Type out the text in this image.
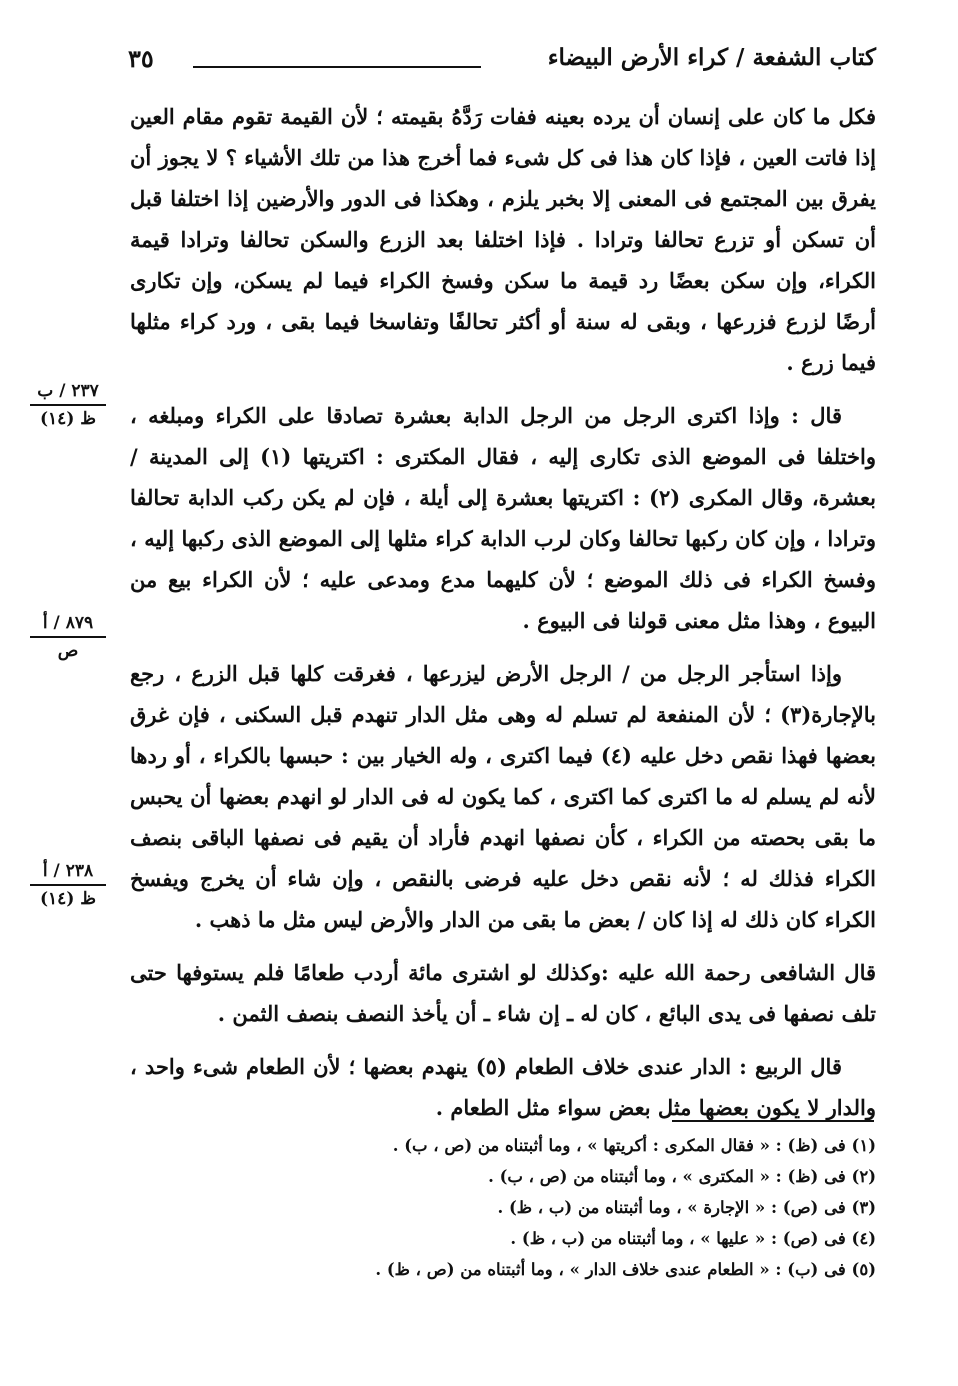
كتاب الشفعة / كراء الأرض البيضاء
٣٥

فكل ما كان على إنسان أن يرده بعينه ففات رَدَّهُ بقيمته ؛ لأن القيمة تقوم مقام العين إذا فاتت العين ، فإذا كان هذا فى كل شىء فما أخرج هذا من تلك الأشياء ؟ لا يجوز أن يفرق بين المجتمع فى المعنى إلا بخبر يلزم ، وهكذا فى الدور والأرضين إذا اختلفا قبل أن تسكن أو تزرع تحالفا وترادا . فإذا اختلفا بعد الزرع والسكن تحالفا وترادا قيمة الكراء، وإن سكن بعضًا رد قيمة ما سكن وفسخ الكراء فيما لم يسكن، وإن تكارى أرضًا لزرع فزرعها ، وبقى له سنة أو أكثر تحالفًا وتفاسخا فيما بقى ، ورد كراء مثلها فيما زرع .

قال : وإذا اكترى الرجل من الرجل الدابة بعشرة تصادقا على الكراء ومبلغه ، واختلفا فى الموضع الذى تكارى إليه ، فقال المكترى : اكتريتها (١) إلى المدينة / بعشرة، وقال المكرى (٢) : اكتريتها بعشرة إلى أيلة ، فإن لم يكن ركب الدابة تحالفا وترادا ، وإن كان ركبها تحالفا وكان لرب الدابة كراء مثلها إلى الموضع الذى ركبها إليه ، وفسخ الكراء فى ذلك الموضع ؛ لأن كليهما مدع ومدعى عليه ؛ لأن الكراء بيع من البيوع ، وهذا مثل معنى قولنا فى البيوع .

وإذا استأجر الرجل من / الرجل الأرض ليزرعها ، فغرقت كلها قبل الزرع ، رجع بالإجارة(٣) ؛ لأن المنفعة لم تسلم له وهى مثل الدار تنهدم قبل السكنى ، فإن غرق بعضها فهذا نقص دخل عليه (٤) فيما اكترى ، وله الخيار بين : حبسها بالكراء ، أو ردها لأنه لم يسلم له ما اكترى كما اكترى ، كما يكون له فى الدار لو انهدم بعضها أن يحبس ما بقى بحصته من الكراء ، كأن نصفها انهدم فأراد أن يقيم فى نصفها الباقى بنصف الكراء فذلك له ؛ لأنه نقص دخل عليه فرضى بالنقص ، وإن شاء أن يخرج ويفسخ الكراء كان ذلك له إذا كان / بعض ما بقى من الدار والأرض ليس مثل ما ذهب .

قال الشافعى رحمة الله عليه :وكذلك لو اشترى مائة أردب طعامًا فلم يستوفها حتى تلف نصفها فى يدى البائع ، كان له ـ إن شاء ـ أن يأخذ النصف بنصف الثمن .

قال الربيع : الدار عندى خلاف الطعام (٥) ينهدم بعضها ؛ لأن الطعام شىء واحد ، والدار لا يكون بعضها مثل بعض سواء مثل الطعام .

٢٣٧ / ب
ظ (١٤)
٨٧٩ / أ
ص
٢٣٨ / أ
ظ (١٤)
(١) فى (ظ) : « فقال المكرى : أكريتها » ، وما أثبتناه من (ص ، ب) .
(٢) فى (ظ) : « المكترى » ، وما أثبتناه من (ص ، ب) .
(٣) فى (ص) : « الإجارة » ، وما أثبتناه من (ب ، ظ) .
(٤) فى (ص) : « عليها » ، وما أثبتناه من (ب ، ظ) .
(٥) فى (ب) : « الطعام عندى خلاف الدار » ، وما أثبتناه من (ص ، ظ) .
